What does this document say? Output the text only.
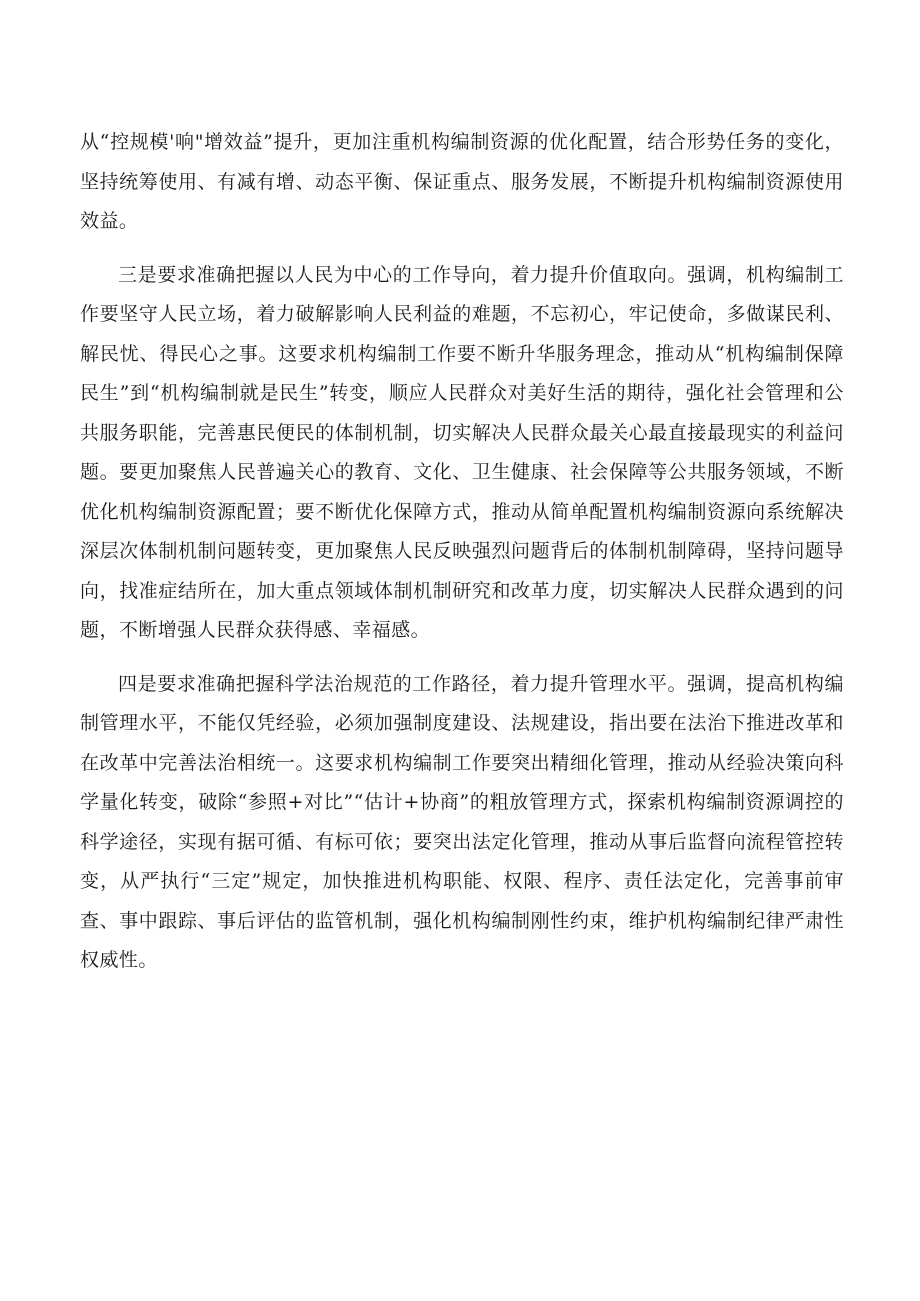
从“控规模'响"增效益”提升，更加注重机构编制资源的优化配置，结合形势任务的变化，坚持统筹使用、有减有增、动态平衡、保证重点、服务发展，不断提升机构编制资源使用效益。

三是要求准确把握以人民为中心的工作导向，着力提升价值取向。强调，机构编制工作要坚守人民立场，着力破解影响人民利益的难题，不忘初心，牢记使命，多做谋民利、解民忧、得民心之事。这要求机构编制工作要不断升华服务理念，推动从“机构编制保障民生”到“机构编制就是民生”转变，顺应人民群众对美好生活的期待，强化社会管理和公共服务职能，完善惠民便民的体制机制，切实解决人民群众最关心最直接最现实的利益问题。要更加聚焦人民普遍关心的教育、文化、卫生健康、社会保障等公共服务领域，不断优化机构编制资源配置；要不断优化保障方式，推动从简单配置机构编制资源向系统解决深层次体制机制问题转变，更加聚焦人民反映强烈问题背后的体制机制障碍，坚持问题导向，找准症结所在，加大重点领域体制机制研究和改革力度，切实解决人民群众遇到的问题，不断增强人民群众获得感、幸福感。

四是要求准确把握科学法治规范的工作路径，着力提升管理水平。强调，提高机构编制管理水平，不能仅凭经验，必须加强制度建设、法规建设，指出要在法治下推进改革和在改革中完善法治相统一。这要求机构编制工作要突出精细化管理，推动从经验决策向科学量化转变，破除“参照+对比”“估计+协商”的粗放管理方式，探索机构编制资源调控的科学途径，实现有据可循、有标可依；要突出法定化管理，推动从事后监督向流程管控转变，从严执行“三定”规定，加快推进机构职能、权限、程序、责任法定化，完善事前审查、事中跟踪、事后评估的监管机制，强化机构编制刚性约束，维护机构编制纪律严肃性权威性。
